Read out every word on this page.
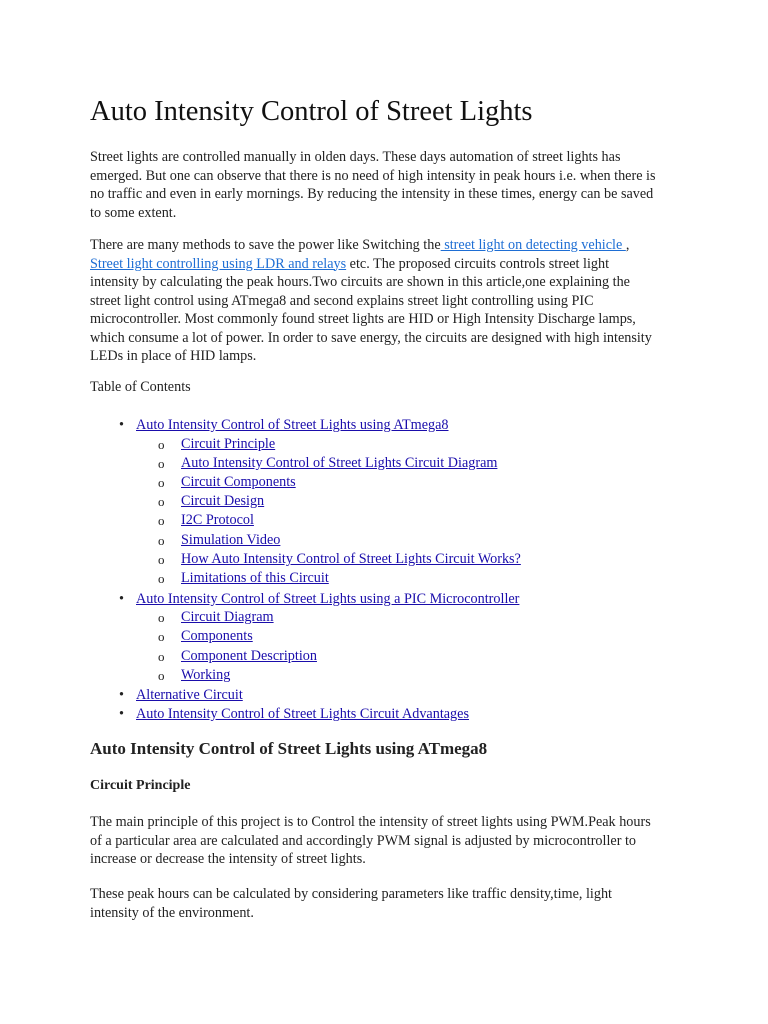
Auto Intensity Control of Street Lights

Street lights are controlled manually in olden days. These days automation of street lights has emerged. But one can observe that there is no need of high intensity in peak hours i.e. when there is no traffic and even in early mornings. By reducing the intensity in these times, energy can be saved to some extent.

There are many methods to save the power like Switching the street light on detecting vehicle , Street light controlling using LDR and relays etc. The proposed circuits controls street light intensity by calculating the peak hours.Two circuits are shown in this article,one explaining the street light control using ATmega8 and second explains street light controlling using PIC microcontroller. Most commonly found street lights are HID or High Intensity Discharge lamps, which consume a lot of power. In order to save energy, the circuits are designed with high intensity LEDs in place of HID lamps.

Table of Contents
• Auto Intensity Control of Street Lights using ATmega8
o Circuit Principle
o Auto Intensity Control of Street Lights Circuit Diagram
o Circuit Components
o Circuit Design
o I2C Protocol
o Simulation Video
o How Auto Intensity Control of Street Lights Circuit Works?
o Limitations of this Circuit
• Auto Intensity Control of Street Lights using a PIC Microcontroller
o Circuit Diagram
o Components
o Component Description
o Working
• Alternative Circuit
• Auto Intensity Control of Street Lights Circuit Advantages
Auto Intensity Control of Street Lights using ATmega8
Circuit Principle

The main principle of this project is to Control the intensity of street lights using PWM.Peak hours of a particular area are calculated and accordingly PWM signal is adjusted by microcontroller to increase or decrease the intensity of street lights.

These peak hours can be calculated by considering parameters like traffic density,time, light intensity of the environment.
